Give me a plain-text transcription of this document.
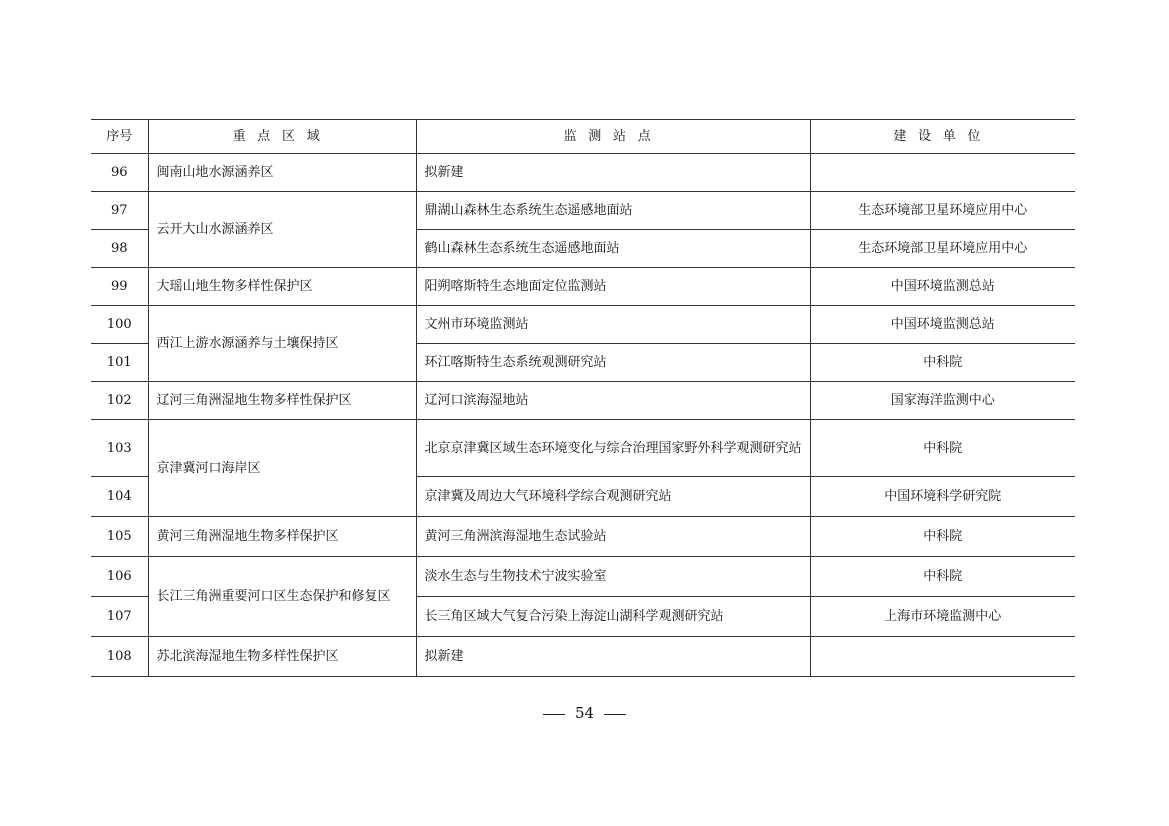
序号	重点区域	监测站点	建设单位
96	闽南山地水源涵养区	拟新建	
97	云开大山水源涵养区	鼎湖山森林生态系统生态遥感地面站	生态环境部卫星环境应用中心
98		鹤山森林生态系统生态遥感地面站	生态环境部卫星环境应用中心
99	大瑶山地生物多样性保护区	阳朔喀斯特生态地面定位监测站	中国环境监测总站
100	西江上游水源涵养与土壤保持区	文州市环境监测站	中国环境监测总站
101		环江喀斯特生态系统观测研究站	中科院
102	辽河三角洲湿地生物多样性保护区	辽河口滨海湿地站	国家海洋监测中心
103	京津冀河口海岸区	北京京津冀区域生态环境变化与综合治理国家野外科学观测研究站	中科院
104		京津冀及周边大气环境科学综合观测研究站	中国环境科学研究院
105	黄河三角洲湿地生物多样保护区	黄河三角洲滨海湿地生态试验站	中科院
106	长江三角洲重要河口区生态保护和修复区	淡水生态与生物技术宁波实验室	中科院
107		长三角区域大气复合污染上海淀山湖科学观测研究站	上海市环境监测中心
108	苏北滨海湿地生物多样性保护区	拟新建	
54
